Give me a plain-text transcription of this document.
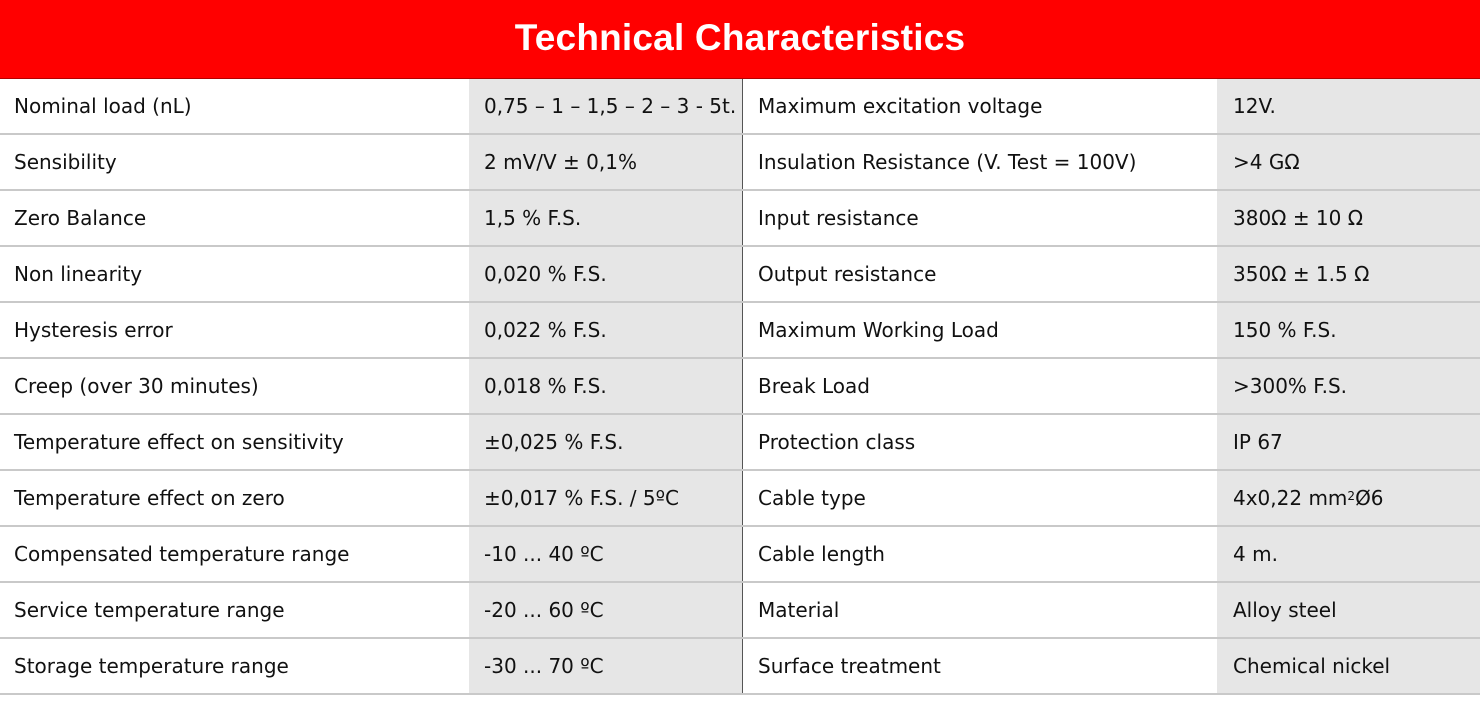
Technical Characteristics
Nominal load (nL)	0,75 – 1 – 1,5 – 2 – 3 - 5t.	Maximum excitation voltage	12V.
Sensibility	2 mV/V ± 0,1%	Insulation Resistance (V. Test = 100V)	>4 GΩ
Zero Balance	1,5 % F.S.	Input resistance	380Ω ± 10 Ω
Non linearity	0,020 % F.S.	Output resistance	350Ω ± 1.5 Ω
Hysteresis error	0,022 % F.S.	Maximum Working Load	150 % F.S.
Creep (over 30 minutes)	0,018 % F.S.	Break Load	>300% F.S.
Temperature effect on sensitivity	±0,025 % F.S.	Protection class	IP 67
Temperature effect on zero	±0,017 % F.S. / 5ºC	Cable type	4x0,22 $mm^2$ Ø6
Compensated temperature range	-10 ... 40 ºC	Cable length	4 m.
Service temperature range	-20 ... 60 ºC	Material	Alloy steel
Storage temperature range	-30 ... 70 ºC	Surface treatment	Chemical nickel
